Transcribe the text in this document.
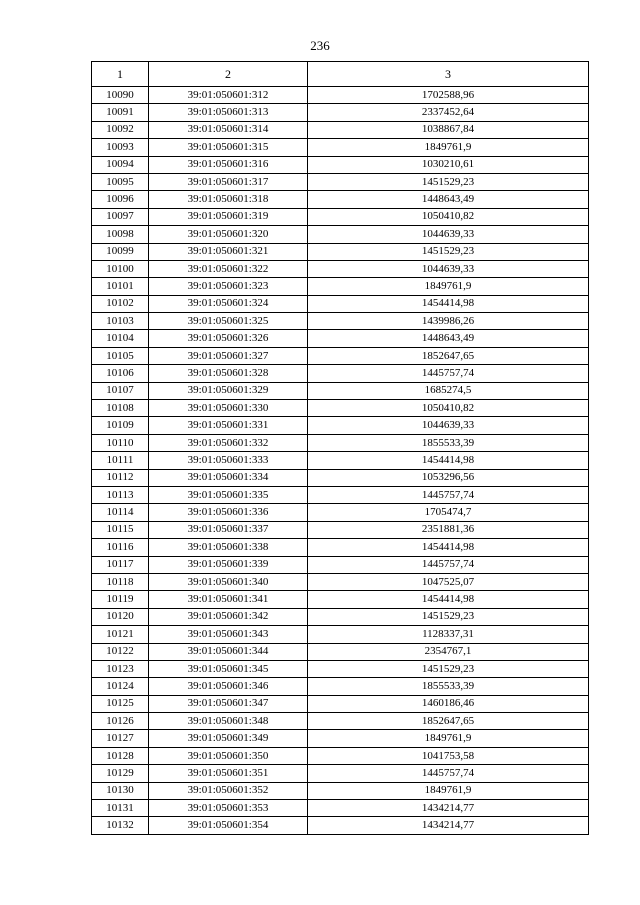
236
1	2	3
10090	39:01:050601:312	1702588,96
10091	39:01:050601:313	2337452,64
10092	39:01:050601:314	1038867,84
10093	39:01:050601:315	1849761,9
10094	39:01:050601:316	1030210,61
10095	39:01:050601:317	1451529,23
10096	39:01:050601:318	1448643,49
10097	39:01:050601:319	1050410,82
10098	39:01:050601:320	1044639,33
10099	39:01:050601:321	1451529,23
10100	39:01:050601:322	1044639,33
10101	39:01:050601:323	1849761,9
10102	39:01:050601:324	1454414,98
10103	39:01:050601:325	1439986,26
10104	39:01:050601:326	1448643,49
10105	39:01:050601:327	1852647,65
10106	39:01:050601:328	1445757,74
10107	39:01:050601:329	1685274,5
10108	39:01:050601:330	1050410,82
10109	39:01:050601:331	1044639,33
10110	39:01:050601:332	1855533,39
10111	39:01:050601:333	1454414,98
10112	39:01:050601:334	1053296,56
10113	39:01:050601:335	1445757,74
10114	39:01:050601:336	1705474,7
10115	39:01:050601:337	2351881,36
10116	39:01:050601:338	1454414,98
10117	39:01:050601:339	1445757,74
10118	39:01:050601:340	1047525,07
10119	39:01:050601:341	1454414,98
10120	39:01:050601:342	1451529,23
10121	39:01:050601:343	1128337,31
10122	39:01:050601:344	2354767,1
10123	39:01:050601:345	1451529,23
10124	39:01:050601:346	1855533,39
10125	39:01:050601:347	1460186,46
10126	39:01:050601:348	1852647,65
10127	39:01:050601:349	1849761,9
10128	39:01:050601:350	1041753,58
10129	39:01:050601:351	1445757,74
10130	39:01:050601:352	1849761,9
10131	39:01:050601:353	1434214,77
10132	39:01:050601:354	1434214,77
